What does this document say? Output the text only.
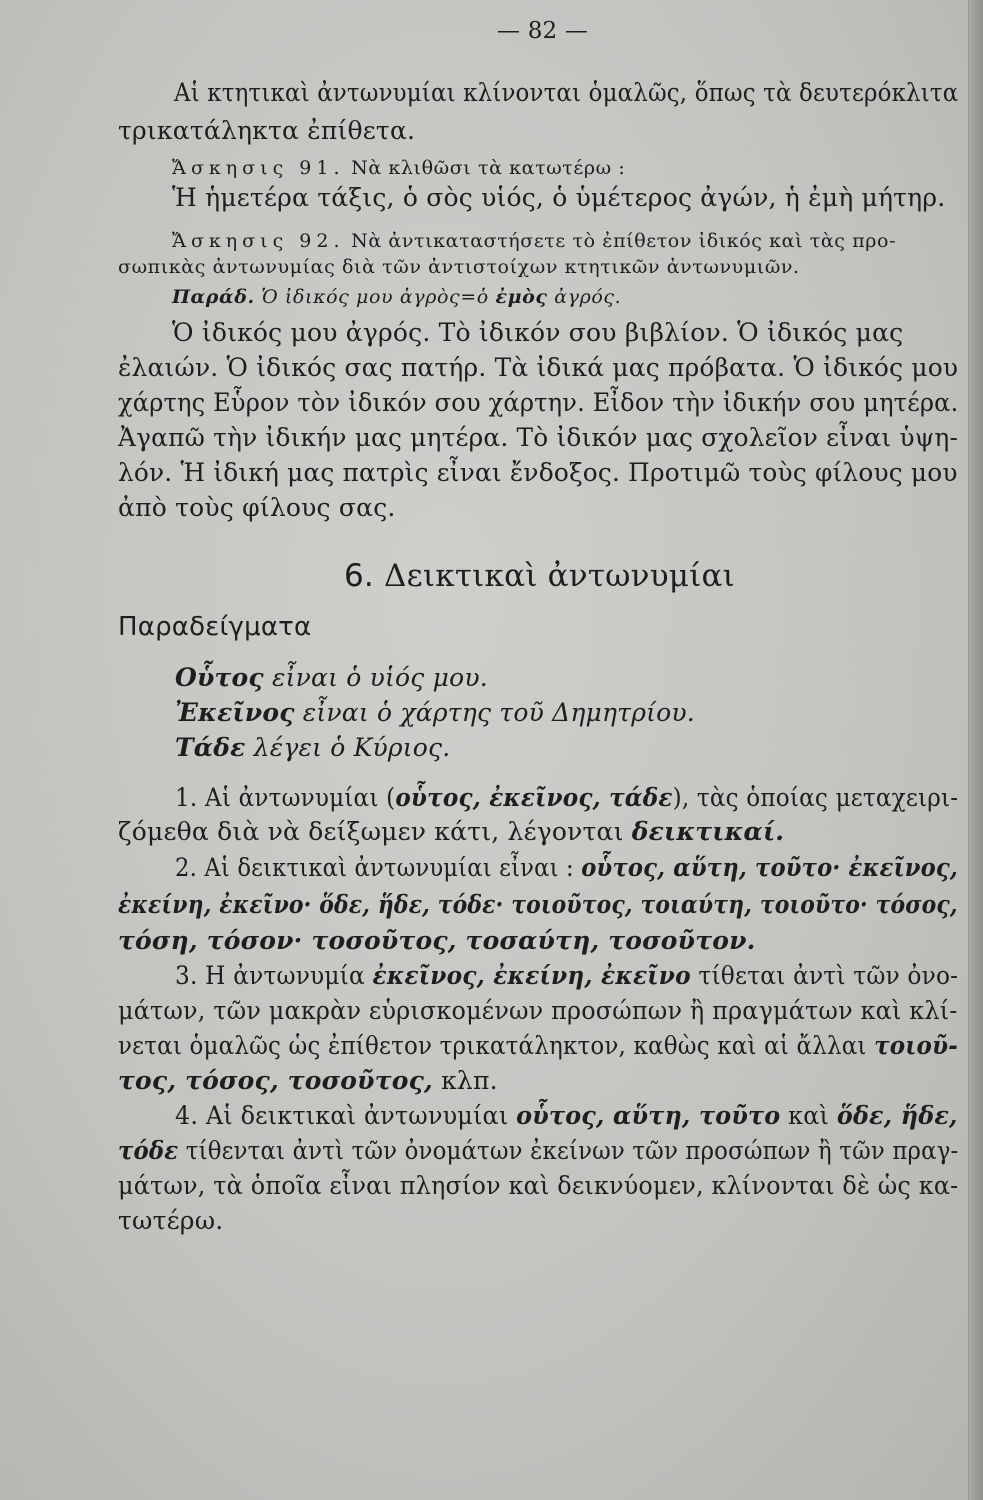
— 82 —
Αἱ κτητικαὶ ἀντωνυμίαι κλίνονται ὁμαλῶς, ὅπως τὰ δευτερόκλιτα
τρικατάληκτα ἐπίθετα.
Ἄσκησις 91. Νὰ κλιθῶσι τὰ κατωτέρω :
Ἡ ἡμετέρα τάξις, ὁ σὸς υἱός, ὁ ὑμέτερος ἀγών, ἡ ἐμὴ μήτηρ.
Ἄσκησις 92. Νὰ ἀντικαταστήσετε τὸ ἐπίθετον ἰδικός καὶ τὰς προ-
σωπικὰς ἀντωνυμίας διὰ τῶν ἀντιστοίχων κτητικῶν ἀντωνυμιῶν.
Παράδ. Ὁ ἰδικός μου ἀγρὸς=ὁ ἐμὸς ἀγρός.
Ὁ ἰδικός μου ἀγρός. Τὸ ἰδικόν σου βιβλίον. Ὁ ἰδικός μας
ἐλαιών. Ὁ ἰδικός σας πατήρ. Τὰ ἰδικά μας πρόβατα. Ὁ ἰδικός μου
χάρτης Εὗρον τὸν ἰδικόν σου χάρτην. Εἶδον τὴν ἰδικήν σου μητέρα.
Ἀγαπῶ τὴν ἰδικήν μας μητέρα. Τὸ ἰδικόν μας σχολεῖον εἶναι ὑψη-
λόν. Ἡ ἰδική μας πατρὶς εἶναι ἔνδοξος. Προτιμῶ τοὺς φίλους μου
ἀπὸ τοὺς φίλους σας.
6. Δεικτικαὶ ἀντωνυμίαι
Παραδείγματα
Οὗτος εἶναι ὁ υἱός μου.
Ἐκεῖνος εἶναι ὁ χάρτης τοῦ Δημητρίου.
Τάδε λέγει ὁ Κύριος.
1. Αἱ ἀντωνυμίαι (οὗτος, ἐκεῖνος, τάδε), τὰς ὁποίας μεταχειρι-
ζόμεθα διὰ νὰ δείξωμεν κάτι, λέγονται δεικτικαί.
2. Αἱ δεικτικαὶ ἀντωνυμίαι εἶναι : οὗτος, αὕτη, τοῦτο· ἐκεῖνος,
ἐκείνη, ἐκεῖνο· ὅδε, ἥδε, τόδε· τοιοῦτος, τοιαύτη, τοιοῦτο· τόσος,
τόση, τόσον· τοσοῦτος, τοσαύτη, τοσοῦτον.
3. Η ἀντωνυμία ἐκεῖνος, ἐκείνη, ἐκεῖνο τίθεται ἀντὶ τῶν ὀνο-
μάτων, τῶν μακρὰν εὑρισκομένων προσώπων ἢ πραγμάτων καὶ κλί-
νεται ὁμαλῶς ὡς ἐπίθετον τρικατάληκτον, καθὼς καὶ αἱ ἄλλαι τοιοῦ-
τος, τόσος, τοσοῦτος, κλπ.
4. Αἱ δεικτικαὶ ἀντωνυμίαι οὗτος, αὕτη, τοῦτο καὶ ὅδε, ἥδε,
τόδε τίθενται ἀντὶ τῶν ὀνομάτων ἐκείνων τῶν προσώπων ἢ τῶν πραγ-
μάτων, τὰ ὁποῖα εἶναι πλησίον καὶ δεικνύομεν, κλίνονται δὲ ὡς κα-
τωτέρω.
